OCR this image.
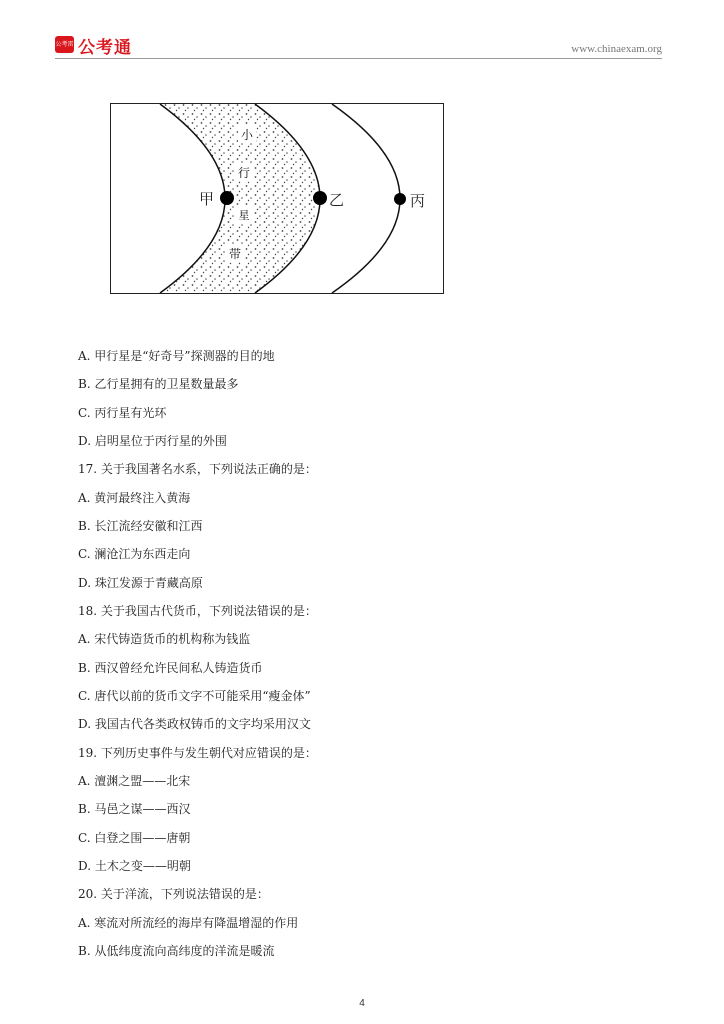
公考雷 公考通	www.chinaexam.org
小
行
星
带
甲	乙	丙
A. 甲行星是“好奇号”探测器的目的地
B. 乙行星拥有的卫星数量最多
C. 丙行星有光环
D. 启明星位于丙行星的外围
17. 关于我国著名水系，下列说法正确的是：
A. 黄河最终注入黄海
B. 长江流经安徽和江西
C. 澜沧江为东西走向
D. 珠江发源于青藏高原
18. 关于我国古代货币，下列说法错误的是：
A. 宋代铸造货币的机构称为钱监
B. 西汉曾经允许民间私人铸造货币
C. 唐代以前的货币文字不可能采用“瘦金体”
D. 我国古代各类政权铸币的文字均采用汉文
19. 下列历史事件与发生朝代对应错误的是：
A. 澶渊之盟——北宋
B. 马邑之谋——西汉
C. 白登之围——唐朝
D. 土木之变——明朝
20. 关于洋流，下列说法错误的是：
A. 寒流对所流经的海岸有降温增湿的作用
B. 从低纬度流向高纬度的洋流是暖流
4
